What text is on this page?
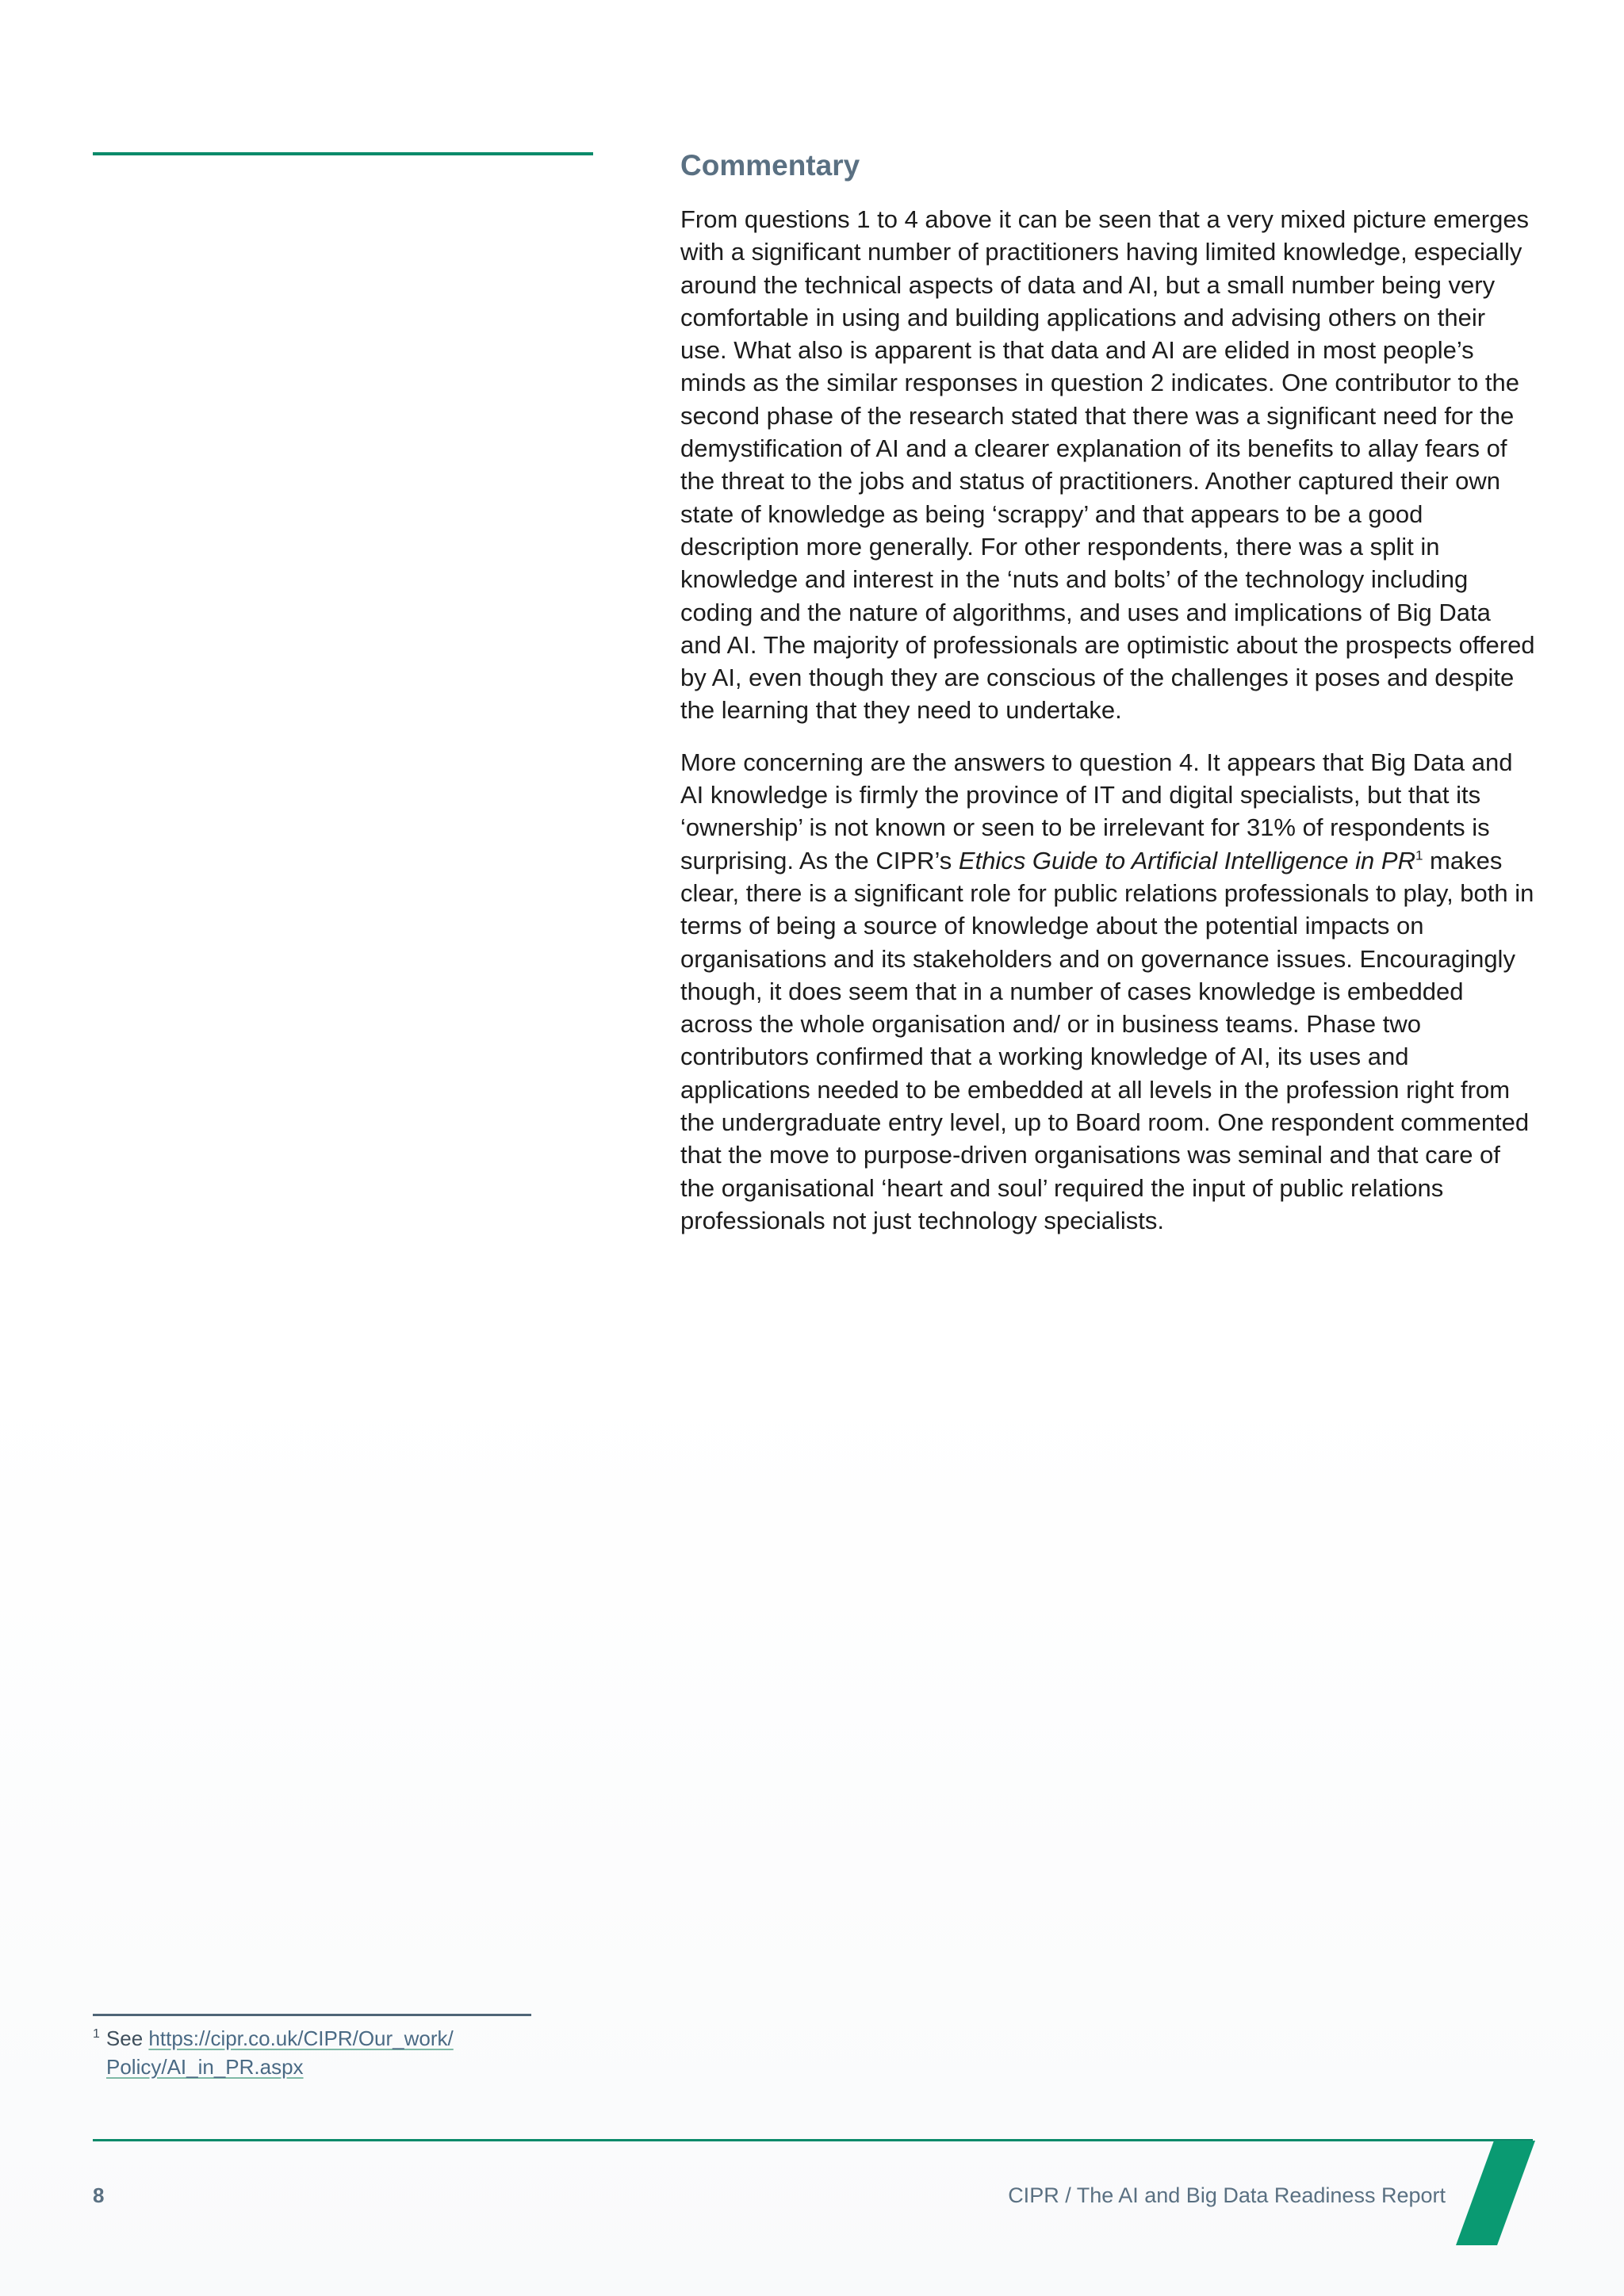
Commentary

From questions 1 to 4 above it can be seen that a very mixed picture emerges with a significant number of practitioners having limited knowledge, especially around the technical aspects of data and AI, but a small number being very comfortable in using and building applications and advising others on their use. What also is apparent is that data and AI are elided in most people’s minds as the similar responses in question 2 indicates. One contributor to the second phase of the research stated that there was a significant need for the demystification of AI and a clearer explanation of its benefits to allay fears of the threat to the jobs and status of practitioners. Another captured their own state of knowledge as being ‘scrappy’ and that appears to be a good description more generally. For other respondents, there was a split in knowledge and interest in the ‘nuts and bolts’ of the technology including coding and the nature of algorithms, and uses and implications of Big Data and AI. The majority of professionals are optimistic about the prospects offered by AI, even though they are conscious of the challenges it poses and despite the learning that they need to undertake.

More concerning are the answers to question 4. It appears that Big Data and AI knowledge is firmly the province of IT and digital specialists, but that its ‘ownership’ is not known or seen to be irrelevant for 31% of respondents is surprising. As the CIPR’s Ethics Guide to Artificial Intelligence in PR$^1$ makes clear, there is a significant role for public relations professionals to play, both in terms of being a source of knowledge about the potential impacts on organisations and its stakeholders and on governance issues. Encouragingly though, it does seem that in a number of cases knowledge is embedded across the whole organisation and/ or in business teams. Phase two contributors confirmed that a working knowledge of AI, its uses and applications needed to be embedded at all levels in the profession right from the undergraduate entry level, up to Board room. One respondent commented that the move to purpose-driven organisations was seminal and that care of the organisational ‘heart and soul’ required the input of public relations professionals not just technology specialists.

$^1$ See https://cipr.co.uk/CIPR/Our_work/
Policy/AI_in_PR.aspx
8	CIPR / The AI and Big Data Readiness Report
